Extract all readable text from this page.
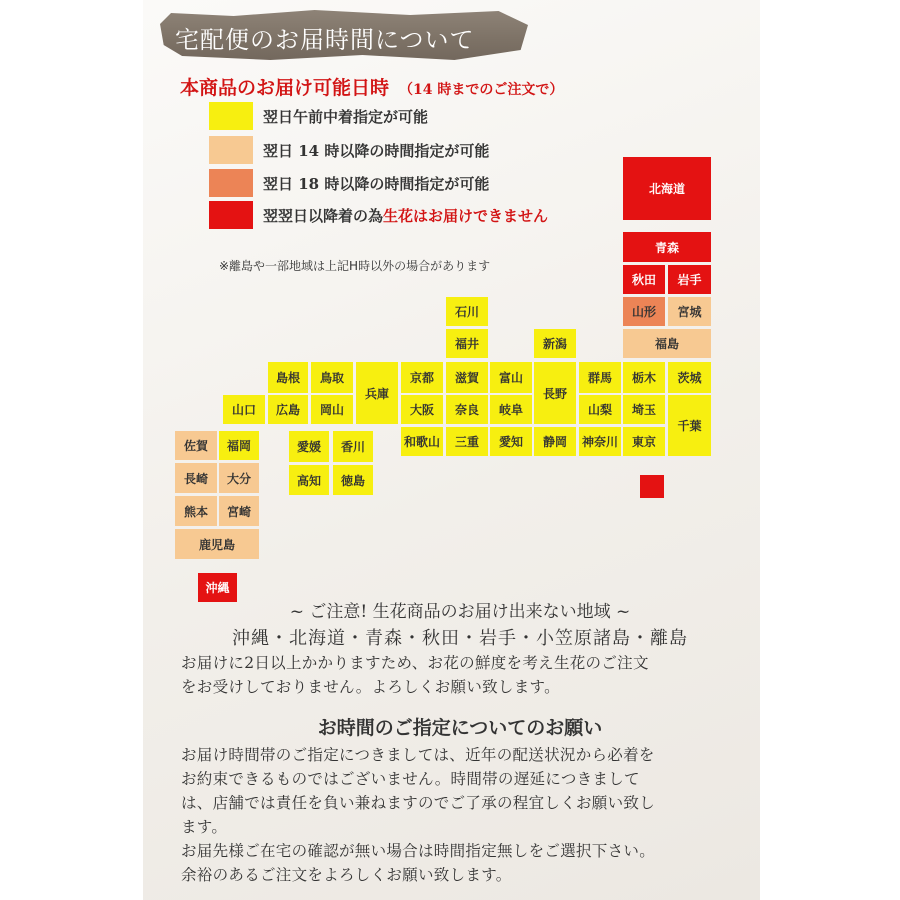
宅配便のお届時間について
本商品のお届け可能日時 （14 時までのご注文で）
翌日午前中着指定が可能
翌日 14 時以降の時間指定が可能
翌日 18 時以降の時間指定が可能
翌翌日以降着の為生花はお届けできません
※離島や一部地域は上記H時以外の場合があります
北海道
青森
秋田	岩手
山形	宮城
福島
石川
福井	新潟
島根	鳥取
兵庫
京都	滋賀	富山
長野
群馬	栃木	茨城
山口	広島	岡山	大阪	奈良	岐阜	山梨	埼玉
千葉
佐賀	福岡	愛媛	香川	和歌山	三重	愛知	静岡	神奈川	東京
長崎	大分	高知	徳島
熊本	宮崎
鹿児島
沖縄
~ ご注意! 生花商品のお届け出来ない地域 ~
沖縄・北海道・青森・秋田・岩手・小笠原諸島・離島
お届けに2日以上かかりますため、お花の鮮度を考え生花のご注文
をお受けしておりません。よろしくお願い致します。
お時間のご指定についてのお願い
お届け時間帯のご指定につきましては、近年の配送状況から必着を
お約束できるものではございません。時間帯の遅延につきまして
は、店舗では責任を負い兼ねますのでご了承の程宜しくお願い致し
ます。
お届先様ご在宅の確認が無い場合は時間指定無しをご選択下さい。
余裕のあるご注文をよろしくお願い致します。
